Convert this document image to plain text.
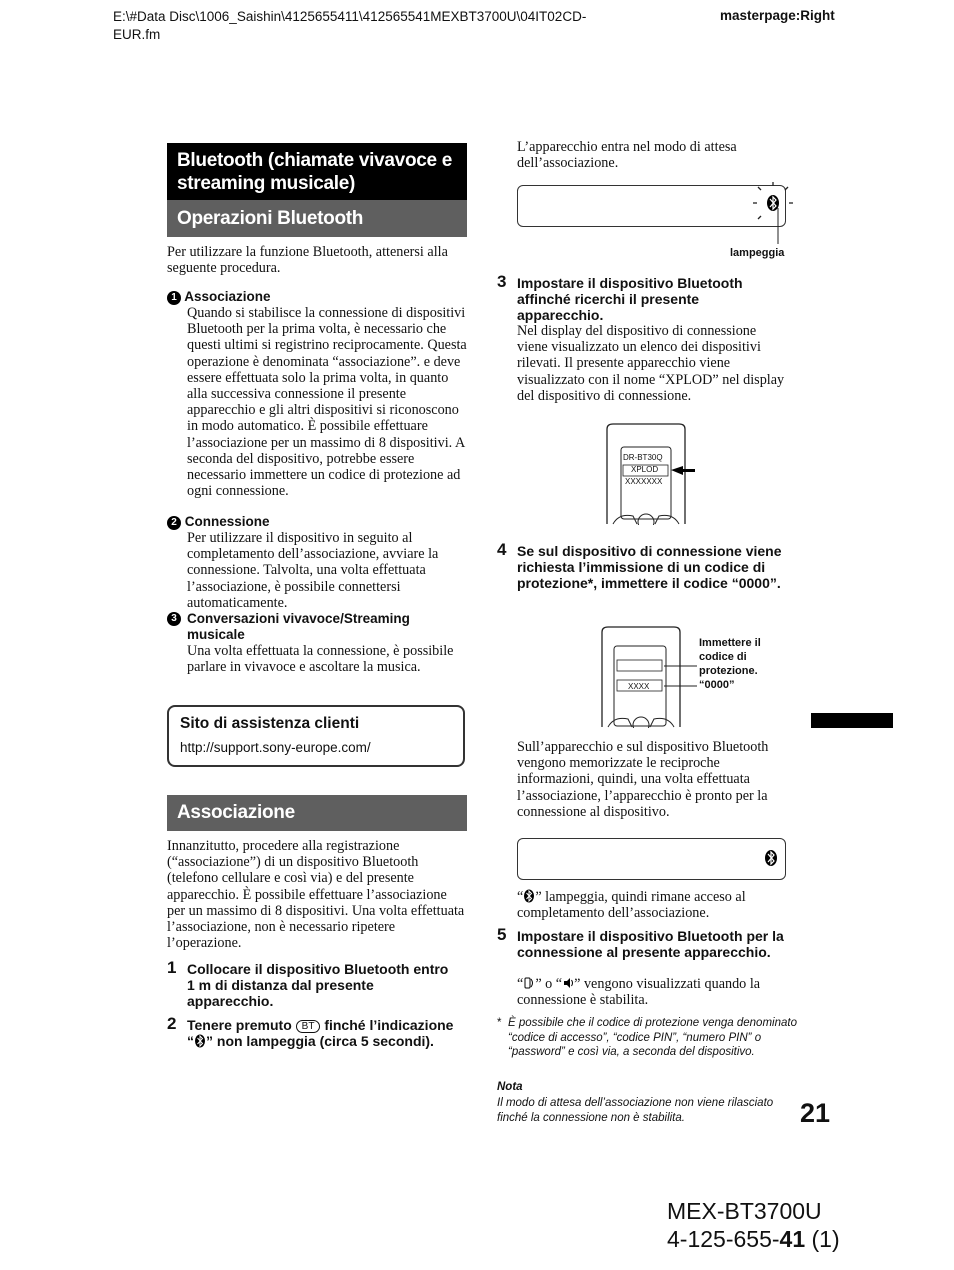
E:\#Data Disc\1006_Saishin\4125655411\412565541MEXBT3700U\04IT02CD-EUR.fm
masterpage:Right
Bluetooth (chiamate vivavoce e streaming musicale)
Operazioni Bluetooth
Per utilizzare la funzione Bluetooth, attenersi alla seguente procedura.
1 Associazione
Quando si stabilisce la connessione di dispositivi Bluetooth per la prima volta, è necessario che questi ultimi si registrino reciprocamente. Questa operazione è denominata “associazione”. e deve essere effettuata solo la prima volta, in quanto alla successiva connessione il presente apparecchio e gli altri dispositivi si riconoscono in modo automatico. È possibile effettuare l’associazione per un massimo di 8 dispositivi. A seconda del dispositivo, potrebbe essere necessario immettere un codice di protezione ad ogni connessione.
2 Connessione
Per utilizzare il dispositivo in seguito al completamento dell’associazione, avviare la connessione. Talvolta, una volta effettuata l’associazione, è possibile connettersi automaticamente.
3 Conversazioni vivavoce/Streaming musicale
Una volta effettuata la connessione, è possibile parlare in vivavoce e ascoltare la musica.
Sito di assistenza clienti
http://support.sony-europe.com/
Associazione
Innanzitutto, procedere alla registrazione (“associazione”) di un dispositivo Bluetooth (telefono cellulare e così via) e del presente apparecchio. È possibile effettuare l’associazione per un massimo di 8 dispositivi. Una volta effettuata l’associazione, non è necessario ripetere l’operazione.
1 Collocare il dispositivo Bluetooth entro 1 m di distanza dal presente apparecchio.
2 Tenere premuto BT finché l’indicazione “ ” non lampeggia (circa 5 secondi).
L’apparecchio entra nel modo di attesa dell’associazione.
lampeggia
3 Impostare il dispositivo Bluetooth affinché ricerchi il presente apparecchio.
Nel display del dispositivo di connessione viene visualizzato un elenco dei dispositivi rilevati. Il presente apparecchio viene visualizzato con il nome “XPLOD” nel display del dispositivo di connessione.
DR-BT30Q
XPLOD
XXXXXXX
4 Se sul dispositivo di connessione viene richiesta l’immissione di un codice di protezione*, immettere il codice “0000”.
XXXX
Immettere il codice di protezione.
“0000”
Sull’apparecchio e sul dispositivo Bluetooth vengono memorizzate le reciproche informazioni, quindi, una volta effettuata l’associazione, l’apparecchio è pronto per la connessione al dispositivo.
“ ” lampeggia, quindi rimane acceso al completamento dell’associazione.
5 Impostare il dispositivo Bluetooth per la connessione al presente apparecchio.
“ ” o “ ” vengono visualizzati quando la connessione è stabilita.
* È possibile che il codice di protezione venga denominato “codice di accesso”, “codice PIN”, “numero PIN” o “password” e così via, a seconda del dispositivo.
Nota
Il modo di attesa dell’associazione non viene rilasciato finché la connessione non è stabilita.	21
MEX-BT3700U
4-125-655-41 (1)
